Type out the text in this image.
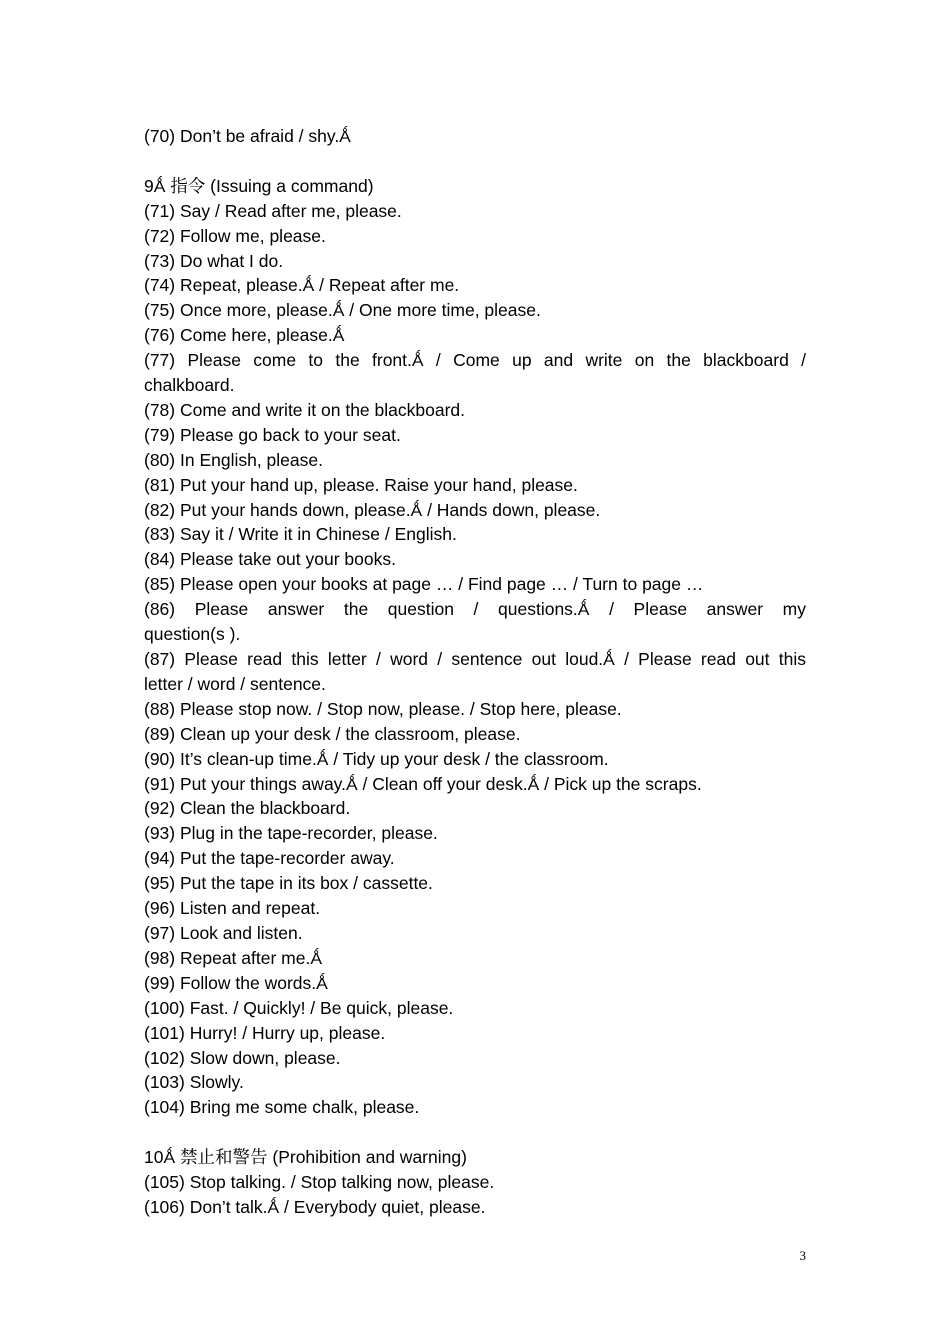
(70) Don’t be afraid / shy.Ǻ
9Ǻ 指令 (Issuing a command)
(71) Say / Read after me, please.
(72) Follow me, please.
(73) Do what I do.
(74) Repeat, please.Ǻ / Repeat after me.
(75) Once more, please.Ǻ / One more time, please.
(76) Come here, please.Ǻ
(77) Please come to the front.Ǻ / Come up and write on the blackboard /
chalkboard.
(78) Come and write it on the blackboard.
(79) Please go back to your seat.
(80) In English, please.
(81) Put your hand up, please. Raise your hand, please.
(82) Put your hands down, please.Ǻ / Hands down, please.
(83) Say it / Write it in Chinese / English.
(84) Please take out your books.
(85) Please open your books at page … / Find page … / Turn to page …
(86) Please answer the question / questions.Ǻ / Please answer my
question(s ).
(87) Please read this letter / word / sentence out loud.Ǻ / Please read out this
letter / word / sentence.
(88) Please stop now. / Stop now, please. / Stop here, please.
(89) Clean up your desk / the classroom, please.
(90) It’s clean-up time.Ǻ / Tidy up your desk / the classroom.
(91) Put your things away.Ǻ / Clean off your desk.Ǻ / Pick up the scraps.
(92) Clean the blackboard.
(93) Plug in the tape-recorder, please.
(94) Put the tape-recorder away.
(95) Put the tape in its box / cassette.
(96) Listen and repeat.
(97) Look and listen.
(98) Repeat after me.Ǻ
(99) Follow the words.Ǻ
(100) Fast. / Quickly! / Be quick, please.
(101) Hurry! / Hurry up, please.
(102) Slow down, please.
(103) Slowly.
(104) Bring me some chalk, please.
10Ǻ 禁止和警告 (Prohibition and warning)
(105) Stop talking. / Stop talking now, please.
(106) Don’t talk.Ǻ / Everybody quiet, please.
3
